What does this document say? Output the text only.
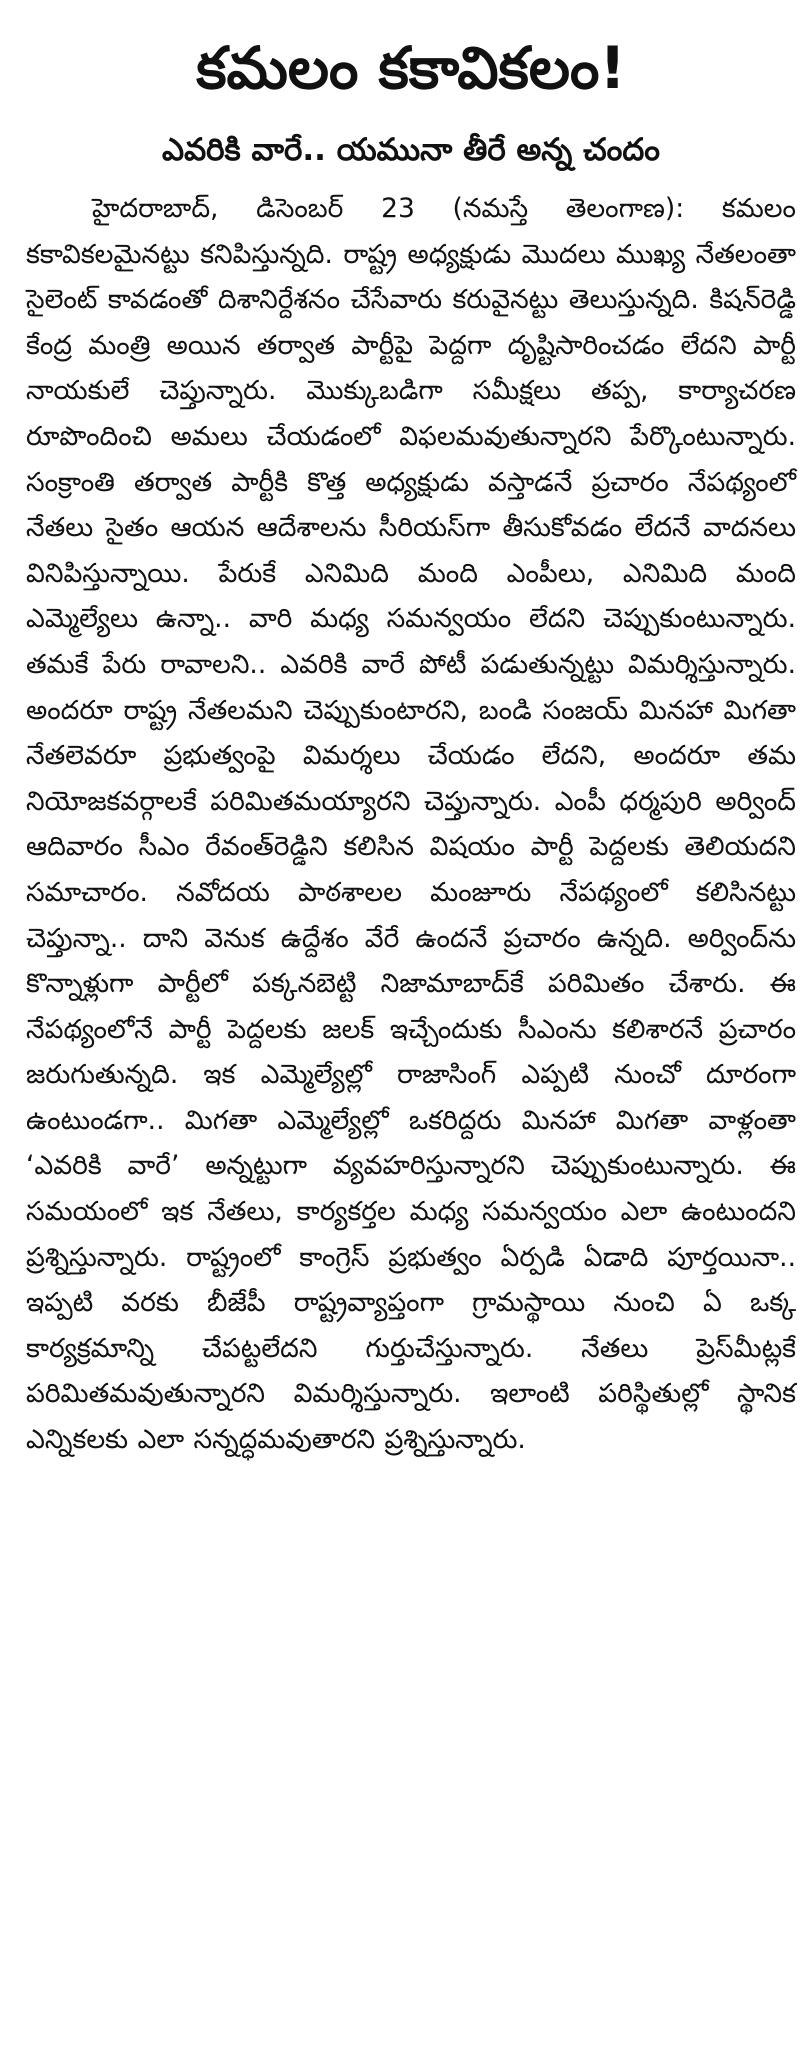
కమలం కకావికలం!
ఎవరికి వారే.. యమునా తీరే అన్న చందం

హైదరాబాద్, డిసెంబర్ 23 (నమస్తే తెలంగాణ): కమలం కకావికలమైనట్టు కనిపిస్తున్నది. రాష్ట్ర అధ్యక్షుడు మొదలు ముఖ్య నేతలంతా సైలెంట్ కావడంతో దిశానిర్దేశనం చేసేవారు కరువైనట్టు తెలుస్తున్నది. కిషన్‌రెడ్డి కేంద్ర మంత్రి అయిన తర్వాత పార్టీపై పెద్దగా దృష్టిసారించడం లేదని పార్టీ నాయకులే చెప్తున్నారు. మొక్కుబడిగా సమీక్షలు తప్ప, కార్యాచరణ రూపొందించి అమలు చేయడంలో విఫలమవుతున్నారని పేర్కొంటున్నారు. సంక్రాంతి తర్వాత పార్టీకి కొత్త అధ్యక్షుడు వస్తాడనే ప్రచారం నేపథ్యంలో నేతలు సైతం ఆయన ఆదేశాలను సీరియస్‌గా తీసుకోవడం లేదనే వాదనలు వినిపిస్తున్నాయి. పేరుకే ఎనిమిది మంది ఎంపీలు, ఎనిమిది మంది ఎమ్మెల్యేలు ఉన్నా.. వారి మధ్య సమన్వయం లేదని చెప్పుకుంటున్నారు. తమకే పేరు రావాలని.. ఎవరికి వారే పోటీ పడుతున్నట్టు విమర్శిస్తున్నారు. అందరూ రాష్ట్ర నేతలమని చెప్పుకుంటారని, బండి సంజయ్ మినహా మిగతా నేతలెవరూ ప్రభుత్వంపై విమర్శలు చేయడం లేదని, అందరూ తమ నియోజకవర్గాలకే పరిమితమయ్యారని చెప్తున్నారు. ఎంపీ ధర్మపురి అర్వింద్ ఆదివారం సీఎం రేవంత్‌రెడ్డిని కలిసిన విషయం పార్టీ పెద్దలకు తెలియదని సమాచారం. నవోదయ పాఠశాలల మంజూరు నేపథ్యంలో కలిసినట్టు చెప్తున్నా.. దాని వెనుక ఉద్దేశం వేరే ఉందనే ప్రచారం ఉన్నది. అర్వింద్‌ను కొన్నాళ్లుగా పార్టీలో పక్కనబెట్టి నిజామాబాద్‌కే పరిమితం చేశారు. ఈ నేపథ్యంలోనే పార్టీ పెద్దలకు జలక్ ఇచ్చేందుకు సీఎంను కలిశారనే ప్రచారం జరుగుతున్నది. ఇక ఎమ్మెల్యేల్లో రాజాసింగ్ ఎప్పటి నుంచో దూరంగా ఉంటుండగా.. మిగతా ఎమ్మెల్యేల్లో ఒకరిద్దరు మినహా మిగతా వాళ్లంతా ‘ఎవరికి వారే’ అన్నట్టుగా వ్యవహరిస్తున్నారని చెప్పుకుంటున్నారు. ఈ సమయంలో ఇక నేతలు, కార్యకర్తల మధ్య సమన్వయం ఎలా ఉంటుందని ప్రశ్నిస్తున్నారు. రాష్ట్రంలో కాంగ్రెస్ ప్రభుత్వం ఏర్పడి ఏడాది పూర్తయినా.. ఇప్పటి వరకు బీజేపీ రాష్ట్రవ్యాప్తంగా గ్రామస్థాయి నుంచి ఏ ఒక్క కార్యక్రమాన్ని చేపట్టలేదని గుర్తుచేస్తున్నారు. నేతలు ప్రెస్‌మీట్లకే పరిమితమవుతున్నారని విమర్శిస్తున్నారు. ఇలాంటి పరిస్థితుల్లో స్థానిక ఎన్నికలకు ఎలా సన్నద్ధమవుతారని ప్రశ్నిస్తున్నారు.
